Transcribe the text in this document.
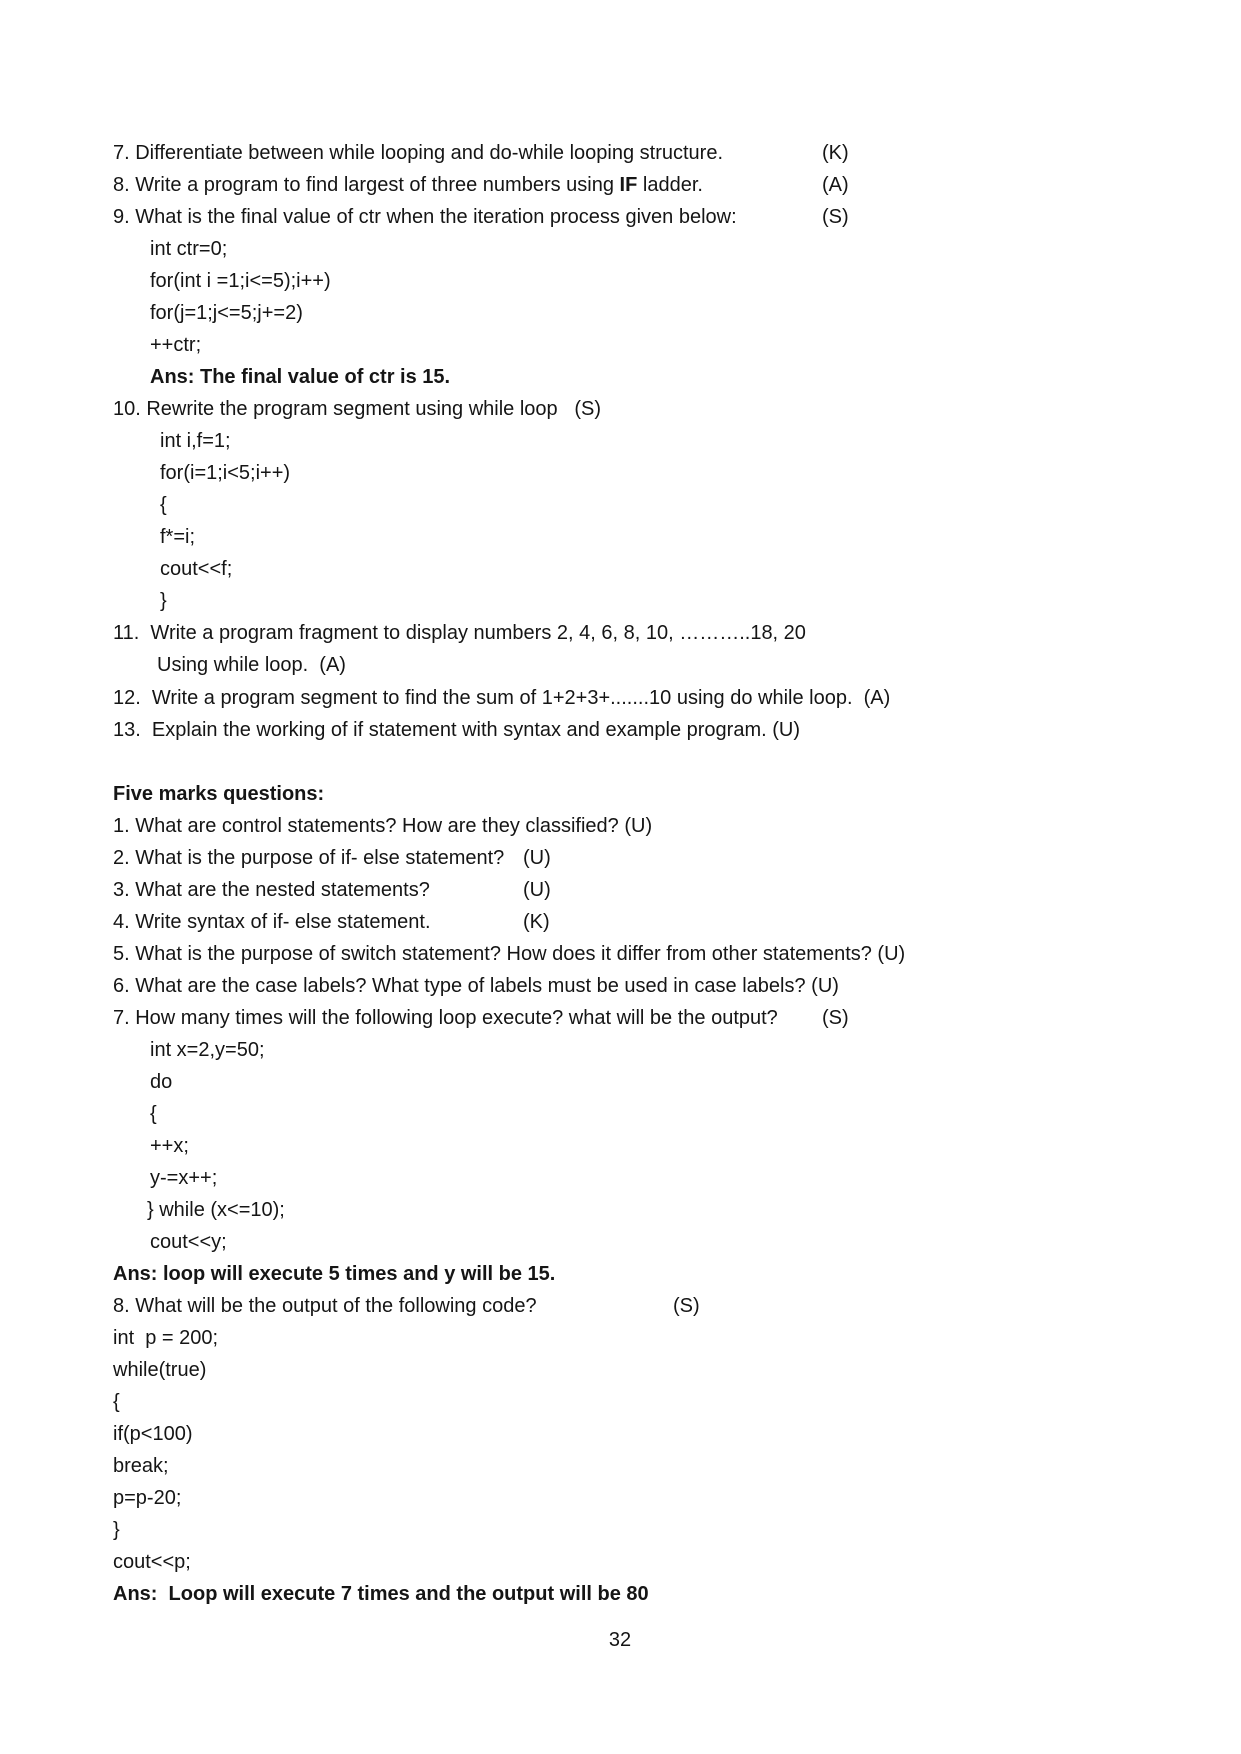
7. Differentiate between while looping and do-while looping structure.	(K)
8. Write a program to find largest of three numbers using IF ladder.	(A)
9. What is the final value of ctr when the iteration process given below:	(S)
int ctr=0;
for(int i =1;i<=5);i++)
for(j=1;j<=5;j+=2)
++ctr;
Ans: The final value of ctr is 15.
10. Rewrite the program segment using while loop   (S)
int i,f=1;
for(i=1;i<5;i++)
{
f*=i;
cout<<f;
}
11.  Write a program fragment to display numbers 2, 4, 6, 8, 10, ………..18, 20
Using while loop.  (A)
12.  Write a program segment to find the sum of 1+2+3+.......10 using do while loop.  (A)
13.  Explain the working of if statement with syntax and example program. (U)
Five marks questions:
1. What are control statements? How are they classified? (U)
2. What is the purpose of if- else statement? (U)
3. What are the nested statements?	(U)
4. Write syntax of if- else statement.	(K)
5. What is the purpose of switch statement? How does it differ from other statements? (U)
6. What are the case labels? What type of labels must be used in case labels? (U)
7. How many times will the following loop execute? what will be the output? (S)
int x=2,y=50;
do
{
++x;
y-=x++;
} while (x<=10);
cout<<y;
Ans: loop will execute 5 times and y will be 15.
8. What will be the output of the following code?	(S)
int  p = 200;
while(true)
{
if(p<100)
break;
p=p-20;
}
cout<<p;
Ans:  Loop will execute 7 times and the output will be 80
32
